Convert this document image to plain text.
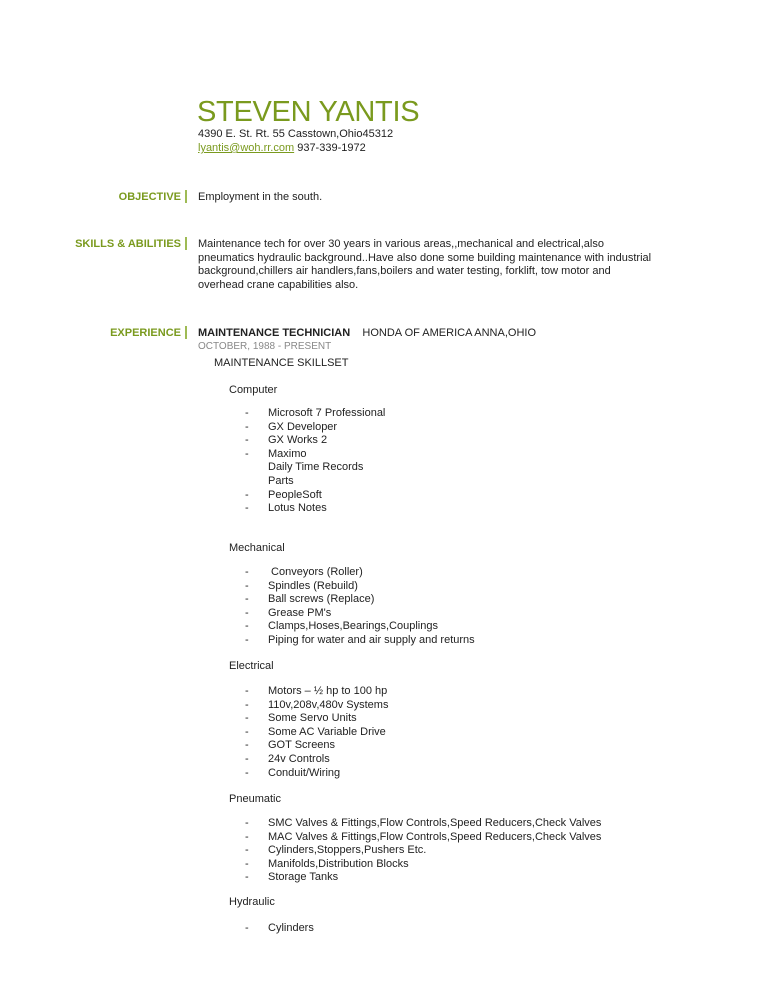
STEVEN YANTIS
4390 E. St. Rt. 55 Casstown,Ohio45312
lyantis@woh.rr.com 937-339-1972
OBJECTIVE Employment in the south.
SKILLS & ABILITIES Maintenance tech for over 30 years in various areas,,mechanical and electrical,also pneumatics hydraulic background..Have also done some building maintenance with industrial background,chillers air handlers,fans,boilers and water testing, forklift, tow motor and overhead crane capabilities also.
EXPERIENCE MAINTENANCE TECHNICIAN HONDA OF AMERICA ANNA,OHIO
OCTOBER, 1988 - PRESENT
MAINTENANCE SKILLSET
Computer
-	Microsoft 7 Professional
-	GX Developer
-	GX Works 2
-	Maximo
Daily Time Records
Parts
-	PeopleSoft
-	Lotus Notes
Mechanical
-	Conveyors (Roller)
-	Spindles (Rebuild)
-	Ball screws (Replace)
-	Grease PM's
-	Clamps,Hoses,Bearings,Couplings
-	Piping for water and air supply and returns
Electrical
-	Motors – ½ hp to 100 hp
-	110v,208v,480v Systems
-	Some Servo Units
-	Some AC Variable Drive
-	GOT Screens
-	24v Controls
-	Conduit/Wiring
Pneumatic
-	SMC Valves & Fittings,Flow Controls,Speed Reducers,Check Valves
-	MAC Valves & Fittings,Flow Controls,Speed Reducers,Check Valves
-	Cylinders,Stoppers,Pushers Etc.
-	Manifolds,Distribution Blocks
-	Storage Tanks
Hydraulic
-	Cylinders
